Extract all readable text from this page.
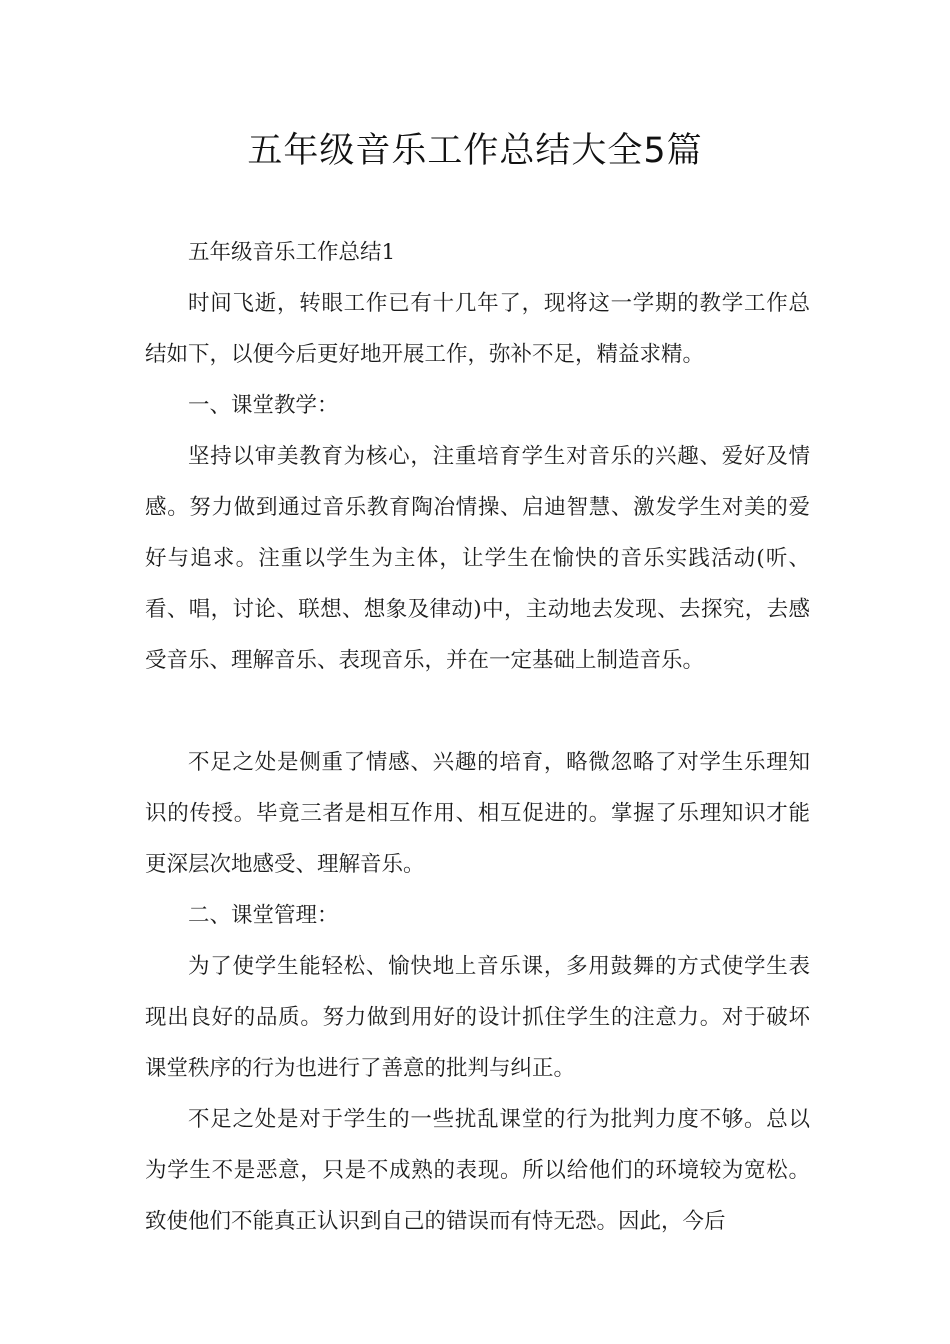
五年级音乐工作总结大全5篇

五年级音乐工作总结1

时间飞逝，转眼工作已有十几年了，现将这一学期的教学工作总结如下，以便今后更好地开展工作，弥补不足，精益求精。

一、课堂教学：

坚持以审美教育为核心，注重培育学生对音乐的兴趣、爱好及情感。努力做到通过音乐教育陶冶情操、启迪智慧、激发学生对美的爱好与追求。注重以学生为主体，让学生在愉快的音乐实践活动(听、看、唱，讨论、联想、想象及律动)中，主动地去发现、去探究，去感受音乐、理解音乐、表现音乐，并在一定基础上制造音乐。

不足之处是侧重了情感、兴趣的培育，略微忽略了对学生乐理知识的传授。毕竟三者是相互作用、相互促进的。掌握了乐理知识才能更深层次地感受、理解音乐。

二、课堂管理：

为了使学生能轻松、愉快地上音乐课，多用鼓舞的方式使学生表现出良好的品质。努力做到用好的设计抓住学生的注意力。对于破坏课堂秩序的行为也进行了善意的批判与纠正。

不足之处是对于学生的一些扰乱课堂的行为批判力度不够。总以为学生不是恶意，只是不成熟的表现。所以给他们的环境较为宽松。致使他们不能真正认识到自己的错误而有恃无恐。因此，今后
